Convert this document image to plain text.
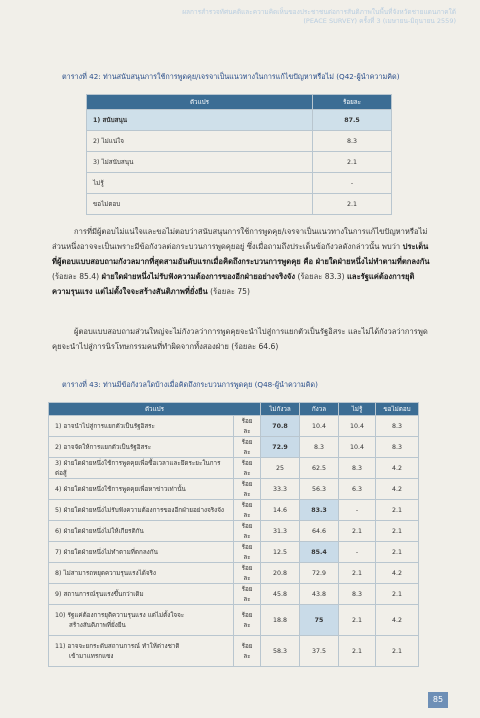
ผลการสำรวจทัศนคติและความคิดเห็นของประชาชนต่อการสันติภาพในพื้นที่จังหวัดชายแดนภาคใต้
(PEACE SURVEY) ครั้งที่ 3 (เมษายน-มิถุนายน 2559)
ตารางที่ 42: ท่านสนับสนุนการใช้การพูดคุย/เจรจาเป็นแนวทางในการแก้ไขปัญหาหรือไม่ (Q42-ผู้นำความคิด)
ตัวแปร	ร้อยละ
1) สนับสนุน	87.5
2) ไม่แน่ใจ	8.3
3) ไม่สนับสนุน	2.1
ไม่รู้	-
ขอไม่ตอบ	2.1
การที่มีผู้ตอบไม่แน่ใจและขอไม่ตอบว่าสนับสนุนการใช้การพูดคุย/เจรจาเป็นแนวทางในการแก้ไขปัญหาหรือไม่ ส่วนหนึ่งอาจจะเป็นเพราะมีข้อกังวลต่อกระบวนการพูดคุยอยู่ ซึ่งเมื่อถามถึงประเด็นข้อกังวลดังกล่าวนั้น พบว่า ประเด็นที่ผู้ตอบแบบสอบถามกังวลมากที่สุดสามอันดับแรกเมื่อคิดถึงกระบวนการพูดคุย คือ ฝ่ายใดฝ่ายหนึ่งไม่ทำตามที่ตกลงกัน (ร้อยละ 85.4) ฝ่ายใดฝ่ายหนึ่งไม่รับฟังความต้องการของอีกฝ่ายอย่างจริงจัง (ร้อยละ 83.3) และรัฐแค่ต้องการยุติความรุนแรง แต่ไม่ตั้งใจจะสร้างสันติภาพที่ยั่งยืน (ร้อยละ 75)
ผู้ตอบแบบสอบถามส่วนใหญ่จะไม่กังวลว่าการพูดคุยจะนำไปสู่การแยกตัวเป็นรัฐอิสระ และไม่ได้กังวลว่าการพูดคุยจะนำไปสู่การนิรโทษกรรมคนที่ทำผิดจากทั้งสองฝ่าย (ร้อยละ 64.6)
ตารางที่ 43: ท่านมีข้อกังวลใดบ้างเมื่อคิดถึงกระบวนการพูดคุย (Q48-ผู้นำความคิด)
ตัวแปร		ไม่กังวล	กังวล	ไม่รู้	ขอไม่ตอบ

1) อาจนำไปสู่การแยกตัวเป็นรัฐอิสระ	ร้อยละ	70.8	10.4	10.4	8.3

2) อาจจัดให้การแยกตัวเป็นรัฐอิสระ	ร้อยละ	72.9	8.3	10.4	8.3

3) ฝ่ายใดฝ่ายหนึ่งใช้การพูดคุยเพื่อซื้อเวลาและยึดระยะในการต่อสู้	ร้อยละ	25	62.5	8.3	4.2

4) ฝ่ายใดฝ่ายหนึ่งใช้การพูดคุยเพื่อหาข่าวเท่านั้น	ร้อยละ	33.3	56.3	6.3	4.2

5) ฝ่ายใดฝ่ายหนึ่งไม่รับฟังความต้องการของอีกฝ่ายอย่างจริงจัง	ร้อยละ	14.6	83.3	-	2.1

6) ฝ่ายใดฝ่ายหนึ่งไม่ให้เกียรติกัน	ร้อยละ	31.3	64.6	2.1	2.1

7) ฝ่ายใดฝ่ายหนึ่งไม่ทำตามที่ตกลงกัน	ร้อยละ	12.5	85.4	-	2.1

8) ไม่สามารถหยุดความรุนแรงได้จริง	ร้อยละ	20.8	72.9	2.1	4.2

9) สถานการณ์รุนแรงขึ้นกว่าเดิม	ร้อยละ	45.8	43.8	8.3	2.1

10) รัฐแค่ต้องการยุติความรุนแรง แต่ไม่ตั้งใจจะ
สร้างสันติภาพที่ยั่งยืน	ร้อยละ	18.8	75	2.1	4.2

11) อาจจะยกระดับสถานการณ์ ทำให้ต่างชาติ
เข้ามาแทรกแซง	ร้อยละ	58.3	37.5	2.1	2.1
85
